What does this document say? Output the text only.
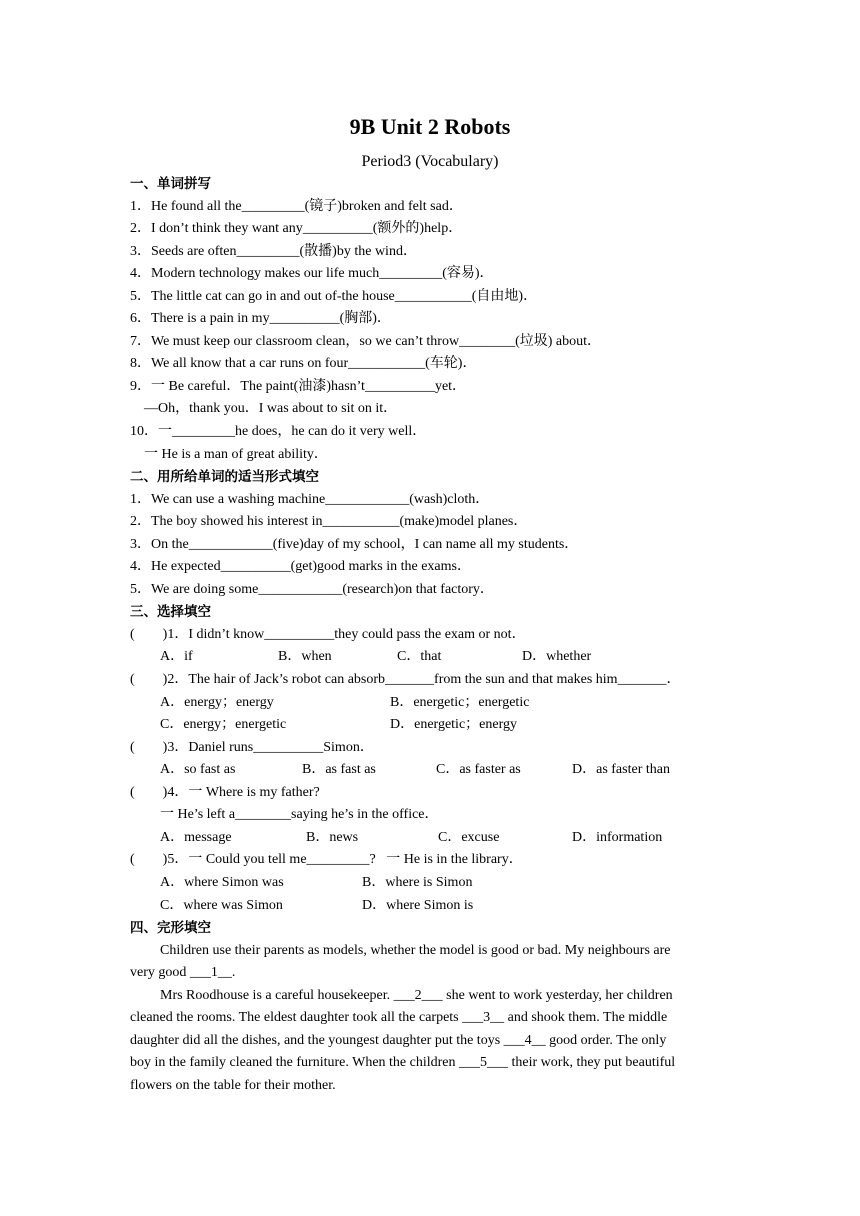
9B Unit 2 Robots
Period3 (Vocabulary)
一、单词拼写
1．He found all the_________(镜子)broken and felt sad．
2．I don’t think they want any__________(额外的)help．
3．Seeds are often_________(散播)by the wind．
4．Modern technology makes our life much_________(容易)．
5．The little cat can go in and out of-the house___________(自由地)．
6．There is a pain in my__________(胸部)．
7．We must keep our classroom clean，so we can’t throw________(垃圾) about．
8．We all know that a car runs on four___________(车轮)．
9．一 Be careful．The paint(油漆)hasn’t__________yet．
—Oh，thank you．I was about to sit on it．
10．一_________he does，he can do it very well．
一 He is a man of great ability．
二、用所给单词的适当形式填空
1．We can use a washing machine____________(wash)cloth．
2．The boy showed his interest in___________(make)model planes．
3．On the____________(five)day of my school，I can name all my students．
4．He expected__________(get)good marks in the exams．
5．We are doing some____________(research)on that factory．
三、选择填空
(        )1．I didn’t know__________they could pass the exam or not．

A．if

	B．when

	C．that

	D．whether

(        )2．The hair of Jack’s robot can absorb_______from the sun and that makes him_______．

A．energy；energy

	B．energetic；energetic

C．energy；energetic

	D．energetic；energy

(        )3．Daniel runs__________Simon．

A．so fast as

	B．as fast as

	C．as faster as

	D．as faster than

(        )4．一 Where is my father?
一 He’s left a________saying he’s in the office．

A．message

	B．news

	C．excuse

	D．information

(        )5．一 Could you tell me_________?   一 He is in the library．

A．where Simon was

	B．where is Simon

C．where was Simon

	D．where Simon is

四、完形填空
Children use their parents as models, whether the model is good or bad. My neighbours are
very good ___1__.
Mrs Roodhouse is a careful housekeeper. ___2___ she went to work yesterday, her children
cleaned the rooms. The eldest daughter took all the carpets ___3__ and shook them. The middle
daughter did all the dishes, and the youngest daughter put the toys ___4__ good order. The only
boy in the family cleaned the furniture. When the children ___5___ their work, they put beautiful
flowers on the table for their mother.
